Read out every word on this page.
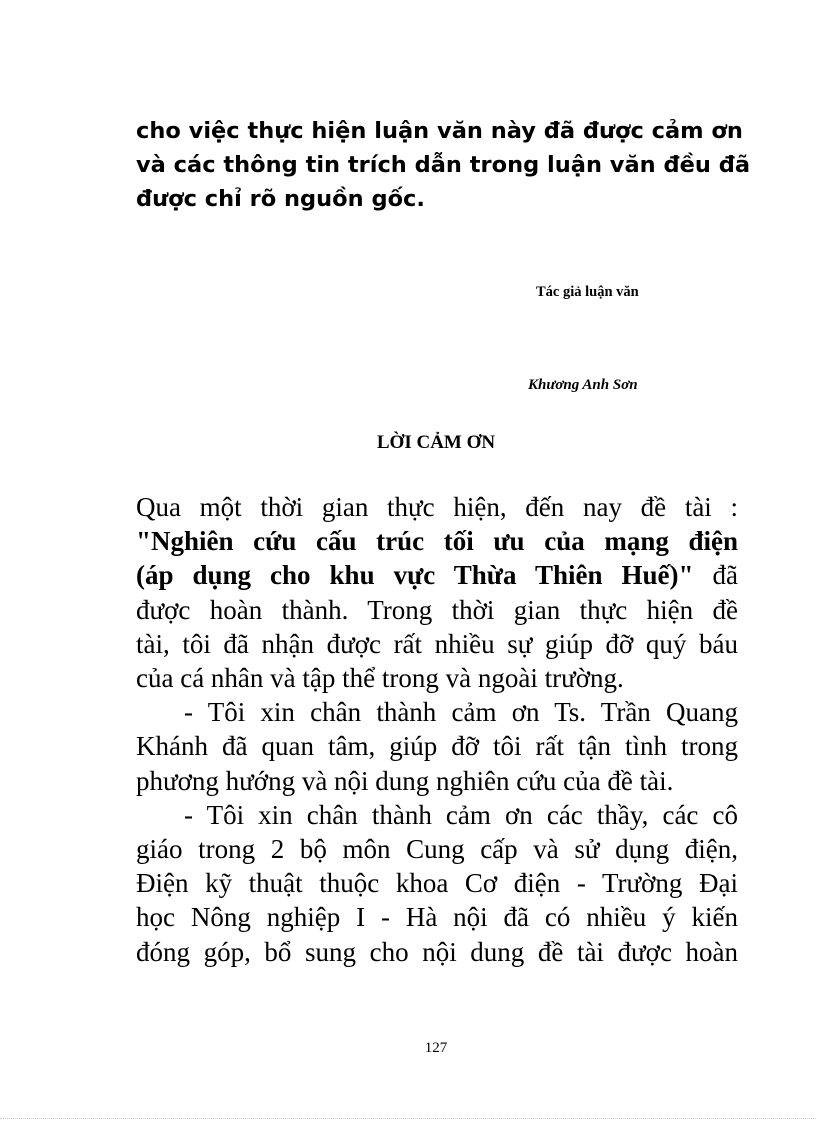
cho việc thực hiện luận văn này đã được cảm ơn
và các thông tin trích dẫn trong luận văn đều đã
được chỉ rõ nguồn gốc.

Tác giả luận văn

Khương Anh Sơn

LỜI CẢM ƠN
Qua một thời gian thực hiện, đến nay đề tài :
"Nghiên cứu cấu trúc tối ưu của mạng điện
(áp dụng cho khu vực Thừa Thiên Huế)" đã
được hoàn thành. Trong thời gian thực hiện đề
tài, tôi đã nhận được rất nhiều sự giúp đỡ quý báu
của cá nhân và tập thể trong và ngoài trường.
- Tôi xin chân thành cảm ơn Ts. Trần Quang
Khánh đã quan tâm, giúp đỡ tôi rất tận tình trong
phương hướng và nội dung nghiên cứu của đề tài.
- Tôi xin chân thành cảm ơn các thầy, các cô
giáo trong 2 bộ môn Cung cấp và sử dụng điện,
Điện kỹ thuật thuộc khoa Cơ điện - Trường Đại
học Nông nghiệp I - Hà nội đã có nhiều ý kiến
đóng góp, bổ sung cho nội dung đề tài được hoàn

127
